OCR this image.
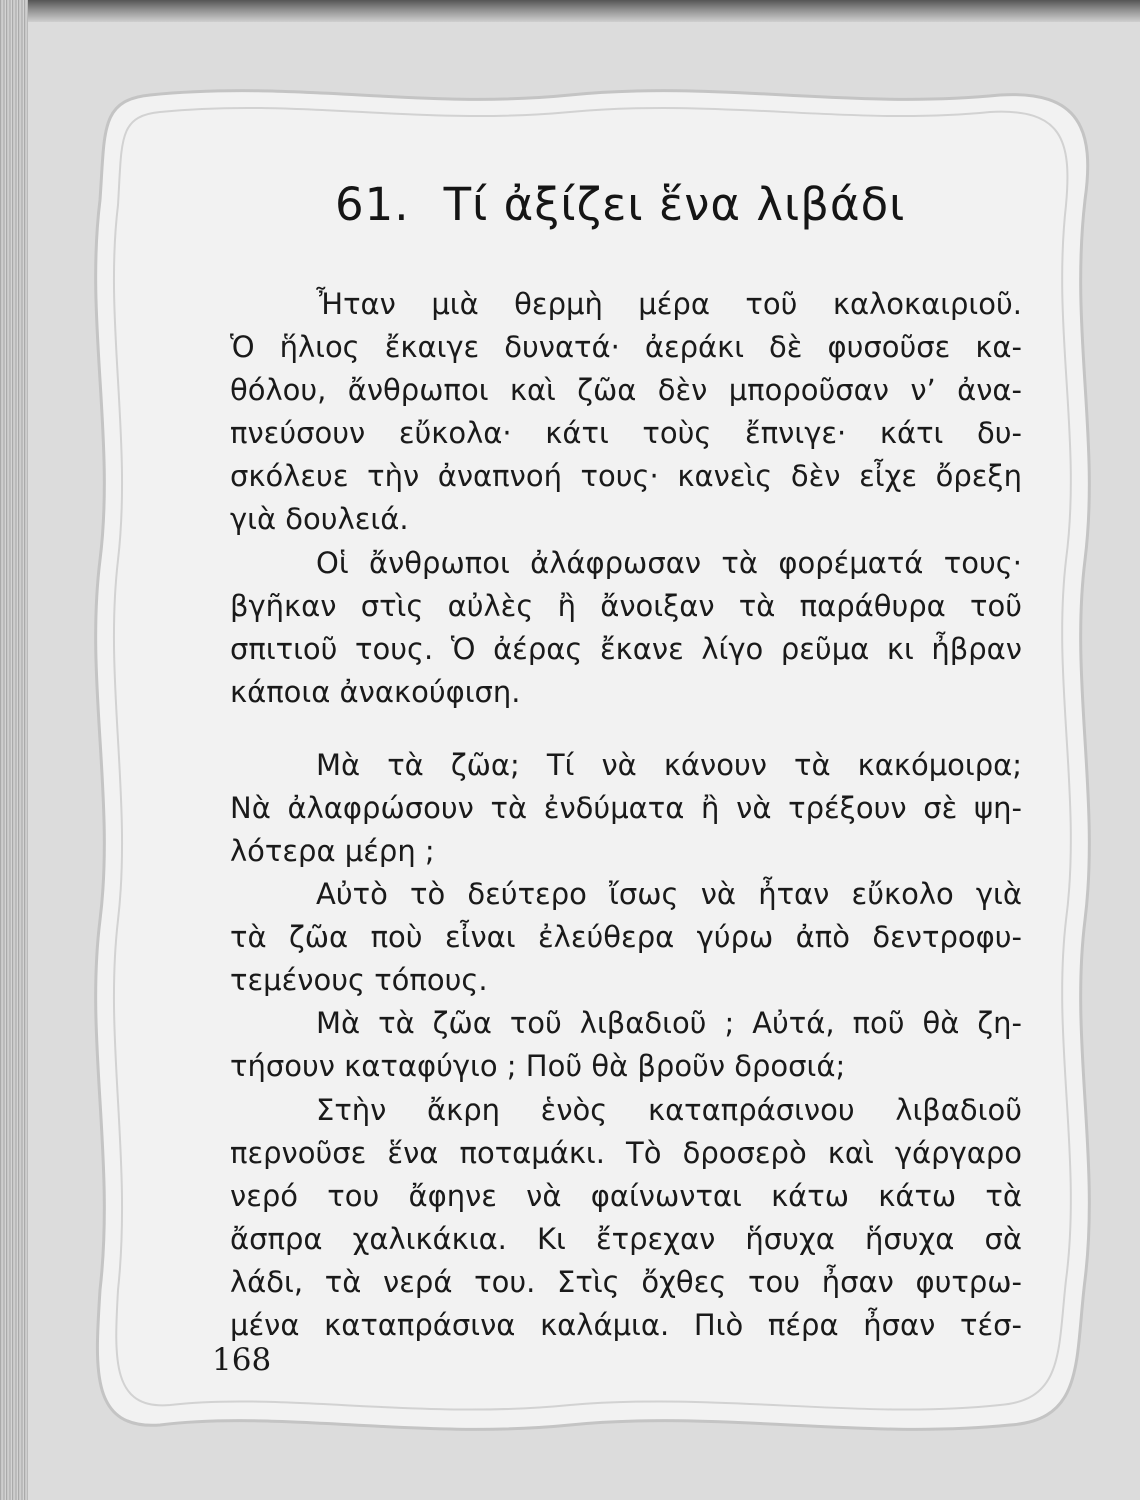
61. Τί ἀξίζει ἕνα λιβάδι

Ἦταν μιὰ θερμὴ μέρα τοῦ καλοκαιριοῦ.

Ὁ ἥλιος ἔκαιγε δυνατά· ἀεράκι δὲ φυσοῦσε κα-

θόλου, ἄνθρωποι καὶ ζῶα δὲν μποροῦσαν ν’ ἀνα-

πνεύσουν εὔκολα· κάτι τοὺς ἔπνιγε· κάτι δυ-

σκόλευε τὴν ἀναπνοή τους· κανεὶς δὲν εἶχε ὄρεξη

γιὰ δουλειά.

Οἱ ἄνθρωποι ἀλάφρωσαν τὰ φορέματά τους·

βγῆκαν στὶς αὐλὲς ἢ ἄνοιξαν τὰ παράθυρα τοῦ

σπιτιοῦ τους. Ὁ ἀέρας ἔκανε λίγο ρεῦμα κι ἦβραν

κάποια ἀνακούφιση.

Μὰ τὰ ζῶα; Τί νὰ κάνουν τὰ κακόμοιρα;

Νὰ ἀλαφρώσουν τὰ ἐνδύματα ἢ νὰ τρέξουν σὲ ψη-

λότερα μέρη ;

Αὐτὸ τὸ δεύτερο ἴσως νὰ ἦταν εὔκολο γιὰ

τὰ ζῶα ποὺ εἶναι ἐλεύθερα γύρω ἀπὸ δεντροφυ-

τεμένους τόπους.

Μὰ τὰ ζῶα τοῦ λιβαδιοῦ ; Αὐτά, ποῦ θὰ ζη-

τήσουν καταφύγιο ; Ποῦ θὰ βροῦν δροσιά;

Στὴν ἄκρη ἑνὸς καταπράσινου λιβαδιοῦ

περνοῦσε ἕνα ποταμάκι. Τὸ δροσερὸ καὶ γάργαρο

νερό του ἄφηνε νὰ φαίνωνται κάτω κάτω τὰ

ἄσπρα χαλικάκια. Κι ἔτρεχαν ἥσυχα ἥσυχα σὰ

λάδι, τὰ νερά του. Στὶς ὄχθες του ἦσαν φυτρω-

μένα καταπράσινα καλάμια. Πιὸ πέρα ἦσαν τέσ-

168
